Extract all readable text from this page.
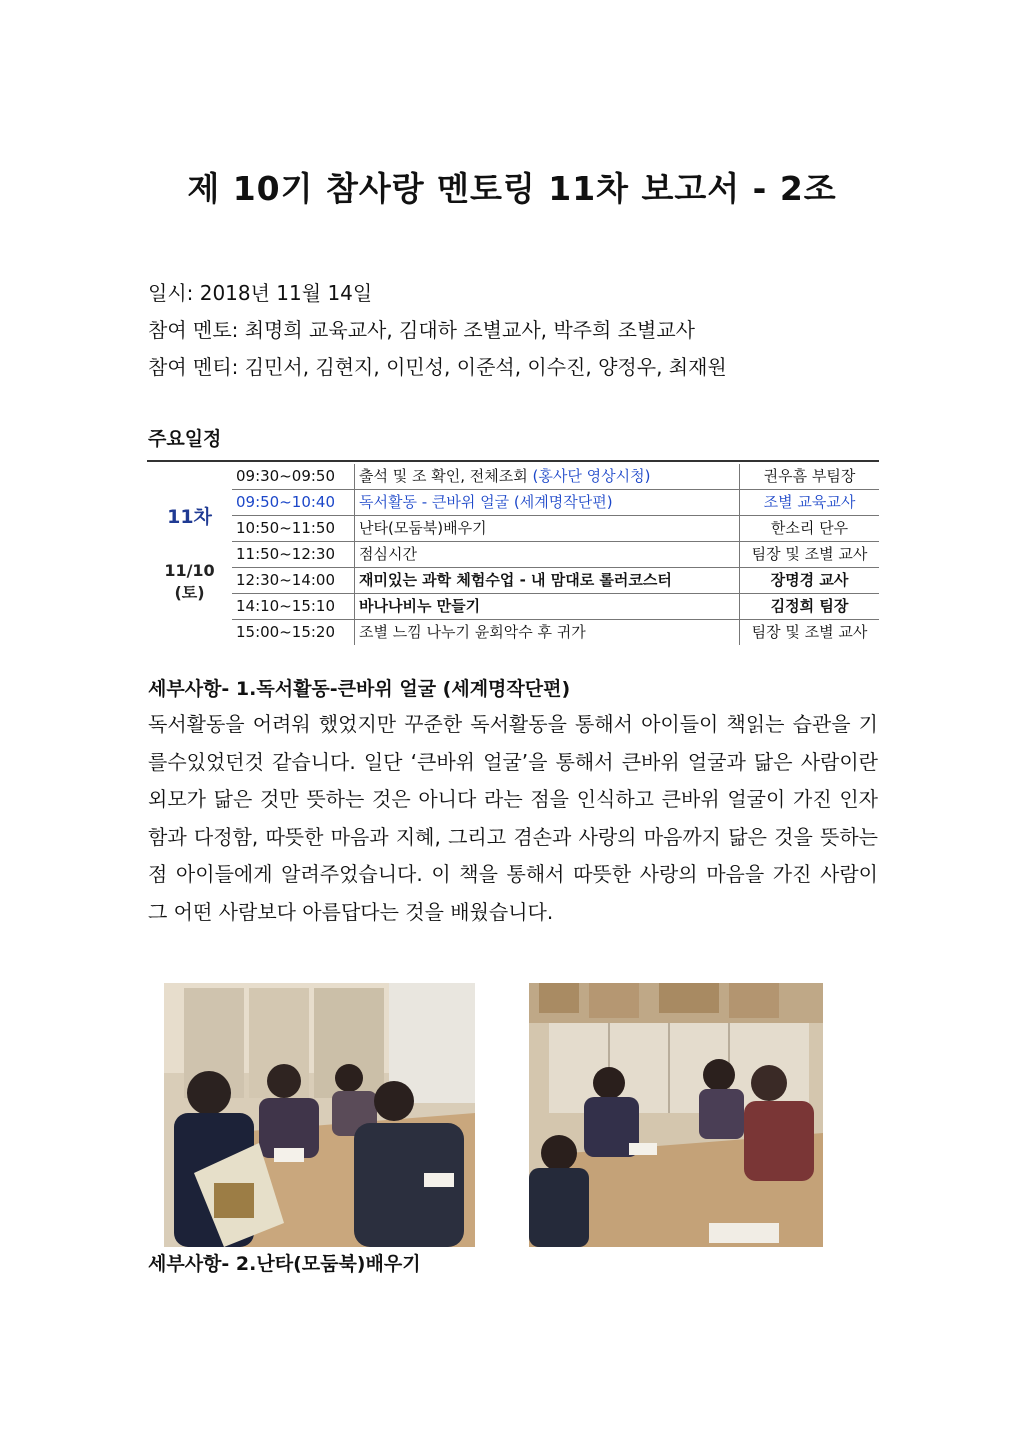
제 10기 참사랑 멘토링 11차 보고서 - 2조
일시: 2018년 11월 14일
참여 멘토: 최명희 교육교사, 김대하 조별교사, 박주희 조별교사
참여 멘티: 김민서, 김현지, 이민성, 이준석, 이수진, 양정우, 최재원
주요일정
11차
11/10
(토)
09:30~09:50	출석 및 조 확인, 전체조회 (홍사단 영상시청)	권우흠 부팀장
09:50~10:40	독서활동 - 큰바위 얼굴 (세계명작단편)	조별 교육교사
10:50~11:50	난타(모둠북)배우기	한소리 단우
11:50~12:30	점심시간	팀장 및 조별 교사
12:30~14:00	재미있는 과학 체험수업 - 내 맘대로 롤러코스터	장명경 교사
14:10~15:10	바나나비누 만들기	김정희 팀장
15:00~15:20	조별 느낌 나누기 윤회악수 후 귀가	팀장 및 조별 교사
세부사항- 1.독서활동-큰바위 얼굴 (세계명작단편)

독서활동을 어려워 했었지만 꾸준한 독서활동을 통해서 아이들이 책읽는 습관을 기를수있었던것 같습니다. 일단 ‘큰바위 얼굴’을 통해서 큰바위 얼굴과 닮은 사람이란 외모가 닮은 것만 뜻하는 것은 아니다 라는 점을 인식하고 큰바위 얼굴이 가진 인자함과 다정함, 따뜻한 마음과 지혜, 그리고 겸손과 사랑의 마음까지 닮은 것을 뜻하는 점 아이들에게 알려주었습니다. 이 책을 통해서 따뜻한 사랑의 마음을 가진 사람이 그 어떤 사람보다 아름답다는 것을 배웠습니다.

세부사항- 2.난타(모둠북)배우기
